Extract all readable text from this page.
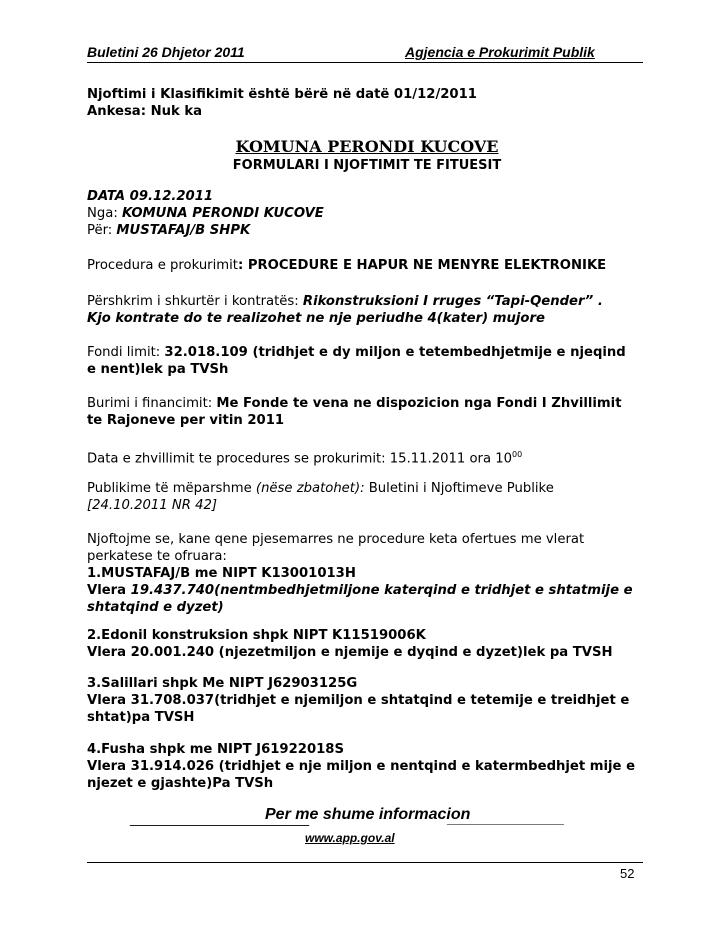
Buletini 26 Dhjetor 2011	Agjencia e Prokurimit Publik
Njoftimi i Klasifikimit është bërë në datë 01/12/2011
Ankesa: Nuk ka
KOMUNA PERONDI KUCOVE
FORMULARI I NJOFTIMIT TE FITUESIT
DATA 09.12.2011
Nga: KOMUNA PERONDI KUCOVE
Për: MUSTAFAJ/B SHPK
Procedura e prokurimit: PROCEDURE E HAPUR NE MENYRE ELEKTRONIKE
Përshkrim i shkurtër i kontratës: Rikonstruksioni I rruges “Tapi-Qender” .
Kjo kontrate do te realizohet ne nje periudhe 4(kater) mujore
Fondi limit: 32.018.109 (tridhjet e dy miljon e tetembedhjetmije e njeqind
e nent)lek pa TVSh
Burimi i financimit: Me Fonde te vena ne dispozicion nga Fondi I Zhvillimit
te Rajoneve per vitin 2011
Data e zhvillimit te procedures se prokurimit: 15.11.2011 ora $10^{00}$
Publikime të mëparshme (nëse zbatohet): Buletini i Njoftimeve Publike
[24.10.2011 NR 42]
Njoftojme se, kane qene pjesemarres ne procedure keta ofertues me vlerat
perkatese te ofruara:
1.MUSTAFAJ/B me NIPT K13001013H
Vlera 19.437.740(nentmbedhjetmiljone katerqind e tridhjet e shtatmije e
shtatqind e dyzet)
2.Edonil konstruksion shpk NIPT K11519006K
Vlera 20.001.240 (njezetmiljon e njemije e dyqind e dyzet)lek pa TVSH
3.Salillari shpk Me NIPT J62903125G
Vlera 31.708.037(tridhjet e njemiljon e shtatqind e tetemije e treidhjet e
shtat)pa TVSH
4.Fusha shpk me NIPT J61922018S
Vlera 31.914.026 (tridhjet e nje miljon e nentqind e katermbedhjet mije e
njezet e gjashte)Pa TVSh
_______________________
Per me shume informacion
_______________
www.app.gov.al
52
